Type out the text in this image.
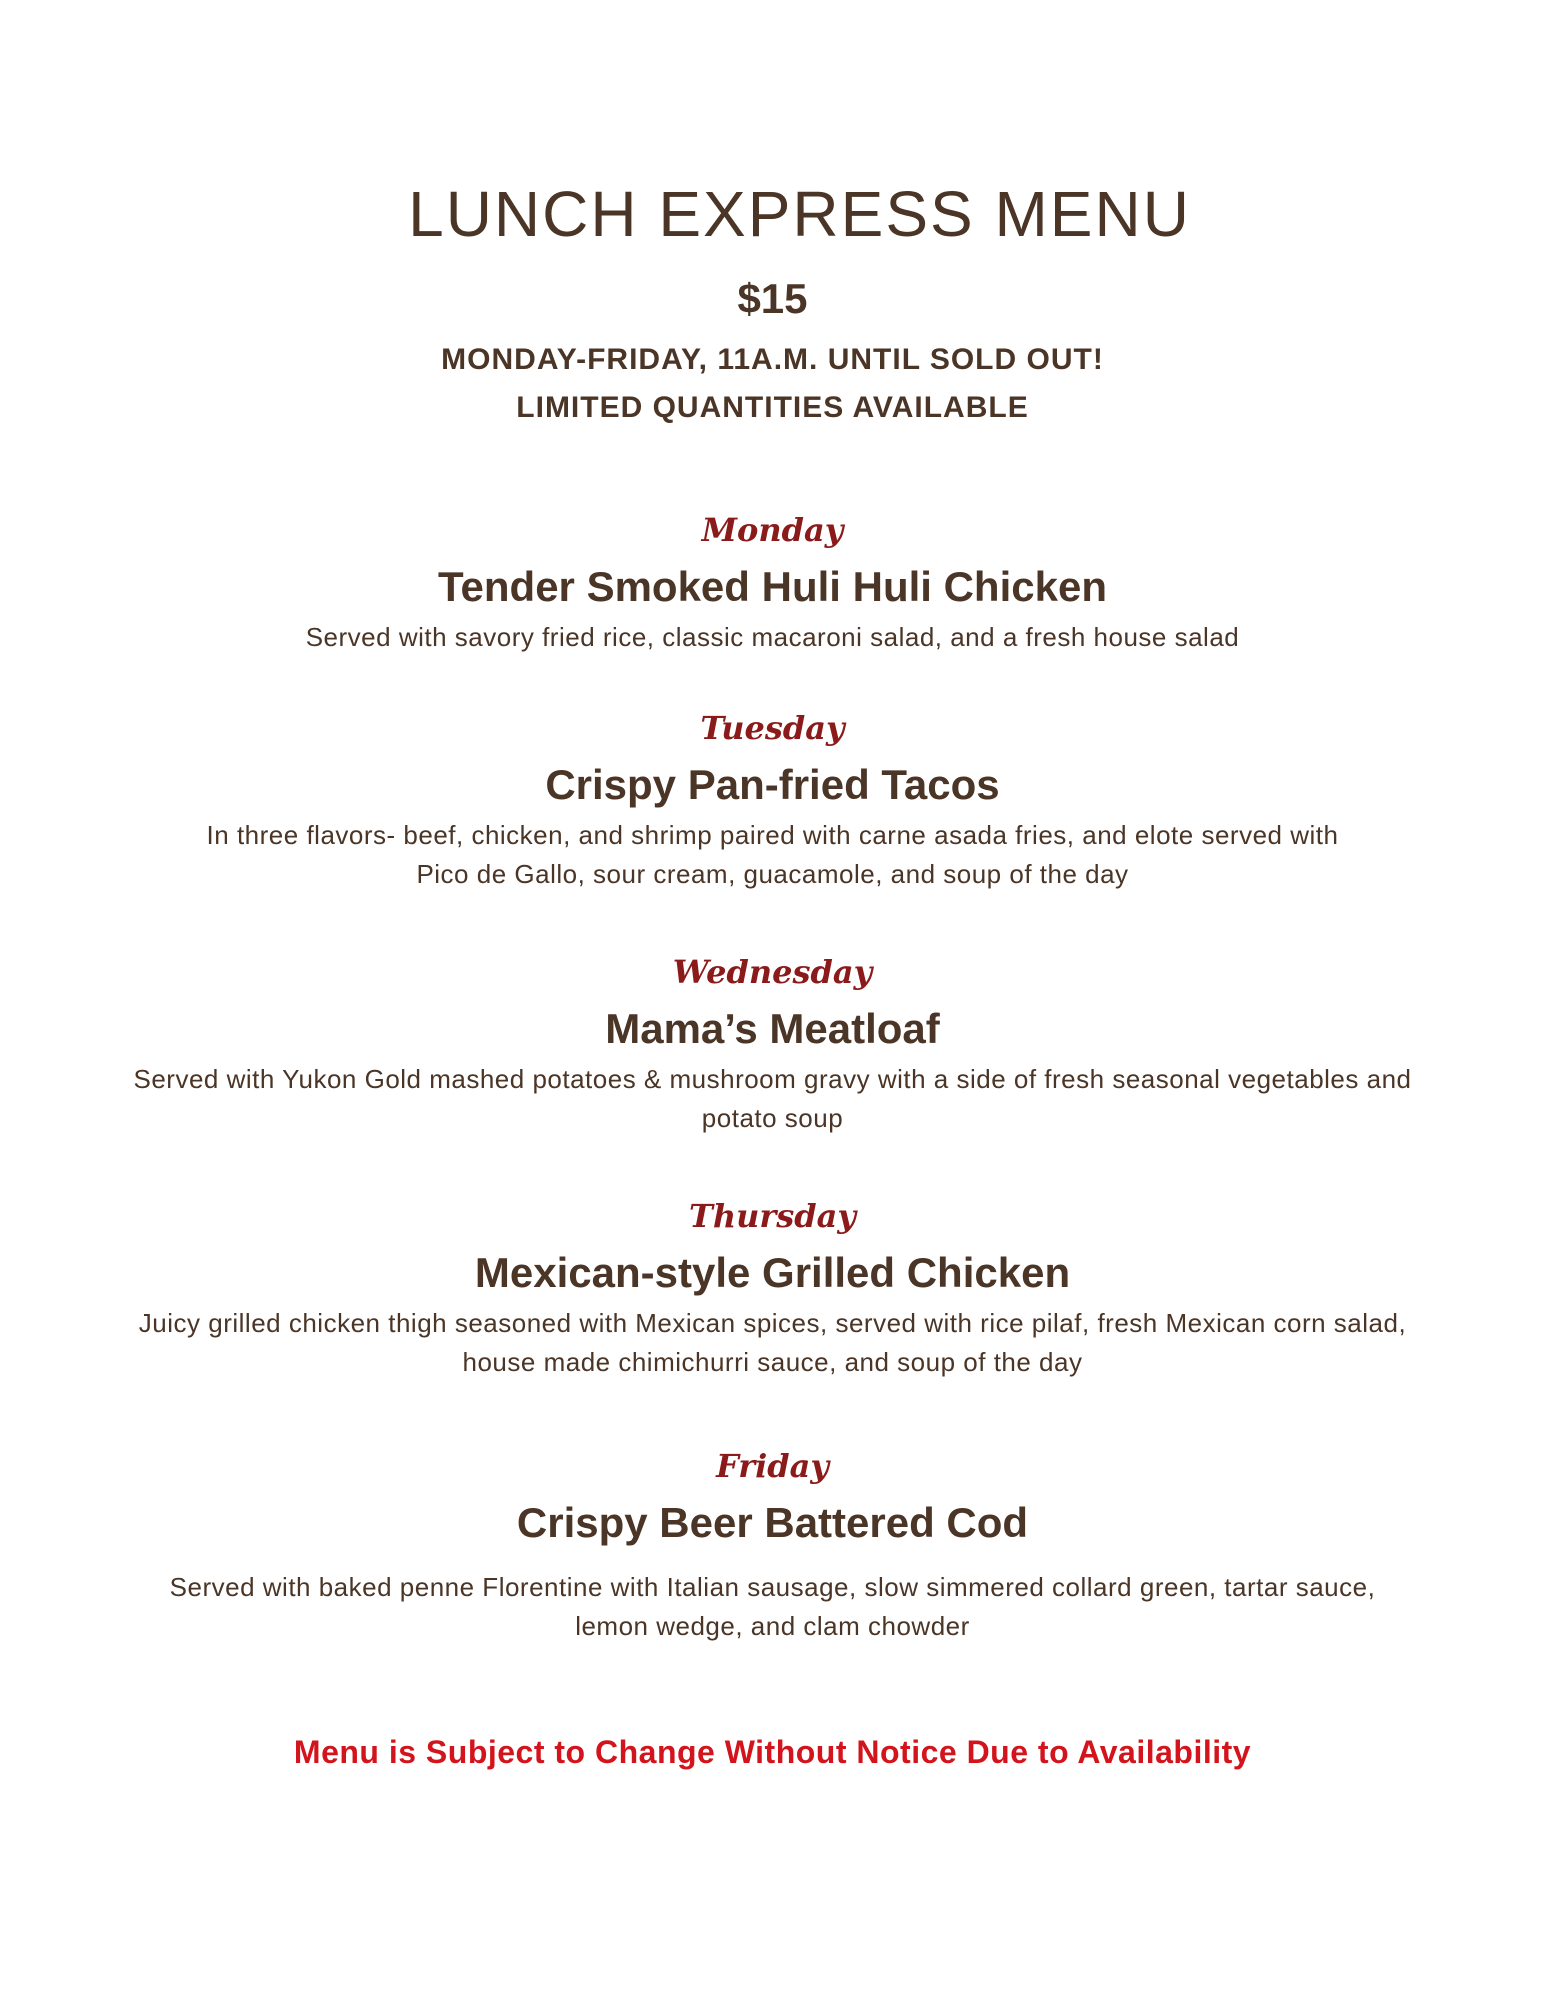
LUNCH EXPRESS MENU
$15
MONDAY-FRIDAY, 11A.M. UNTIL SOLD OUT!
LIMITED QUANTITIES AVAILABLE
Monday
Tender Smoked Huli Huli Chicken
Served with savory fried rice, classic macaroni salad, and a fresh house salad
Tuesday
Crispy Pan-fried Tacos
In three flavors- beef, chicken, and shrimp paired with carne asada fries, and elote served with
Pico de Gallo, sour cream, guacamole, and soup of the day
Wednesday
Mama’s Meatloaf
Served with Yukon Gold mashed potatoes & mushroom gravy with a side of fresh seasonal vegetables and
potato soup
Thursday
Mexican-style Grilled Chicken
Juicy grilled chicken thigh seasoned with Mexican spices, served with rice pilaf, fresh Mexican corn salad,
house made chimichurri sauce, and soup of the day
Friday
Crispy Beer Battered Cod
Served with baked penne Florentine with Italian sausage, slow simmered collard green, tartar sauce,
lemon wedge, and clam chowder
Menu is Subject to Change Without Notice Due to Availability
